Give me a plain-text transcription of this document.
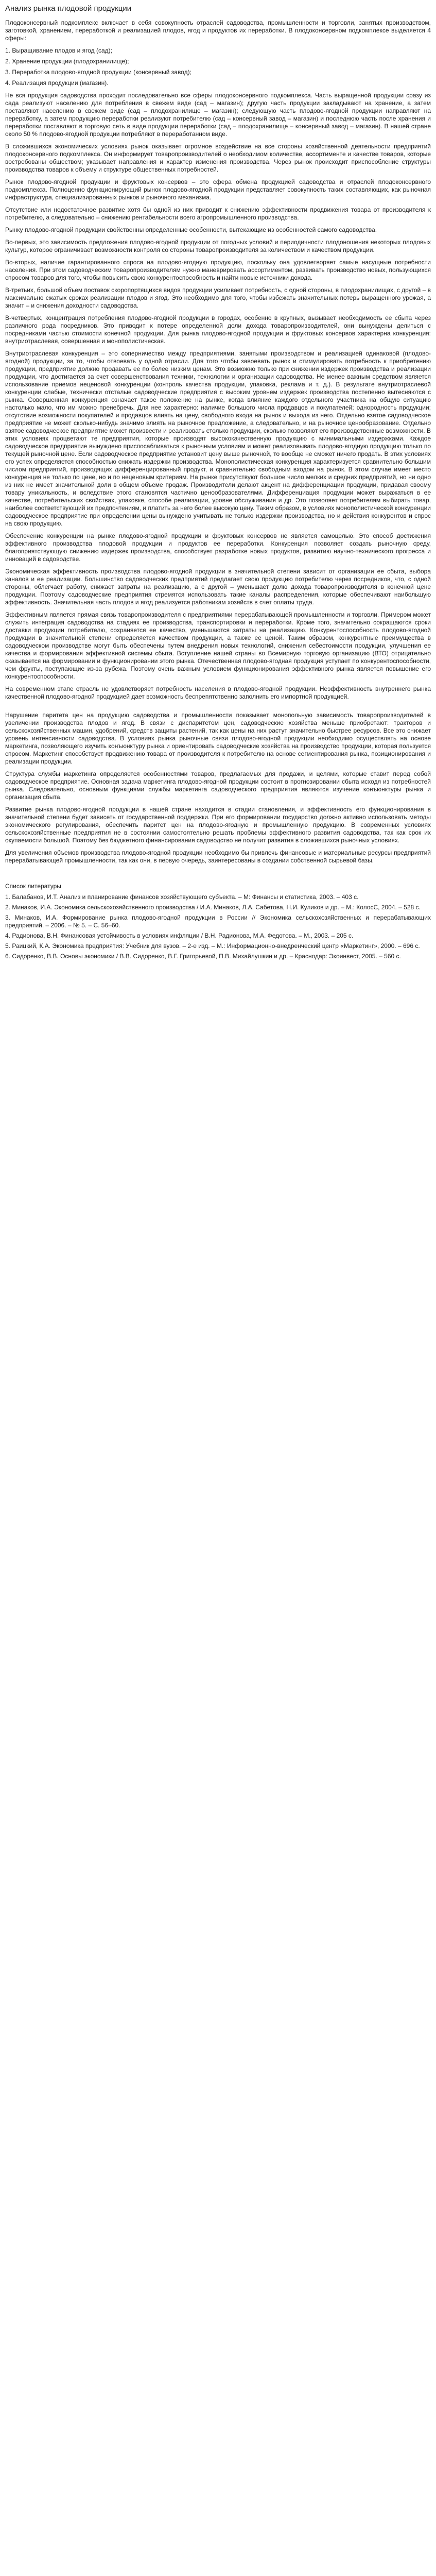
Анализ рынка плодовой продукции

Плодоконсервный подкомплекс включает в себя совокупность отраслей садоводства, промышленности и торговли, занятых производством, заготовкой, хранением, переработкой и реализацией плодов, ягод и продуктов их переработки. В плодоконсервном подкомплексе выделяется 4 сферы:

1. Выращивание плодов и ягод (сад);
2. Хранение продукции (плодохранилище);
3. Переработка плодово-ягодной продукции (консервный завод);
4. Реализация продукции (магазин).

Не вся продукция садоводства проходит последовательно все сферы плодоконсервного подкомплекса. Часть выращенной продукции сразу из сада реализуют населению для потребления в свежем виде (сад – магазин); другую часть продукции закладывают на хранение, а затем поставляют населению в свежем виде (сад – плодохранилище – магазин); следующую часть плодово-ягодной продукции направляют на переработку, а затем продукцию переработки реализуют потребителю (сад – консервный завод – магазин) и последнюю часть после хранения и переработки поставляют в торговую сеть в виде продукции переработки (сад – плодохранилище – консервный завод – магазин). В нашей стране около 50 % плодово-ягодной продукции потребляют в переработанном виде.

В сложившихся экономических условиях рынок оказывает огромное воздействие на все стороны хозяйственной деятельности предприятий плодоконсервного подкомплекса. Он информирует товаропроизводителей о необходимом количестве, ассортименте и качестве товаров, которые востребованы обществом; указывает направления и характер изменения производства. Через рынок происходит приспособление структуры производства товаров к объему и структуре общественных потребностей.

Рынок плодово-ягодной продукции и фруктовых консервов – это сфера обмена продукцией садоводства и отраслей плодоконсервного подкомплекса. Полноценно функционирующий рынок плодово-ягодной продукции представляет совокупность таких составляющих, как рыночная инфраструктура, специализированных рынков и рыночного механизма.

Отсутствие или недостаточное развитие хотя бы одной из них приводит к снижению эффективности продвижения товара от производителя к потребителю, а следовательно – снижению рентабельности всего агропромышленного производства.

Рынку плодово-ягодной продукции свойственны определенные особенности, вытекающие из особенностей самого садоводства.

Во-первых, это зависимость предложения плодово-ягодной продукции от погодных условий и периодичности плодоношения некоторых плодовых культур, которое ограничивает возможности контроля со стороны товаропроизводителя за количеством и качеством продукции.

Во-вторых, наличие гарантированного спроса на плодово-ягодную продукцию, поскольку она удовлетворяет самые насущные потребности населения. При этом садоводческим товаропроизводителям нужно маневрировать ассортиментом, развивать производство новых, пользующихся спросом товаров для того, чтобы повысить свою конкурентоспособность и найти новые источники дохода.

В-третьих, большой объем поставок скоропортящихся видов продукции усиливает потребность, с одной стороны, в плодохранилищах, с другой – в максимально сжатых сроках реализации плодов и ягод. Это необходимо для того, чтобы избежать значительных потерь выращенного урожая, а значит – и снижения доходности садоводства.

В-четвертых, концентрация потребления плодово-ягодной продукции в городах, особенно в крупных, вызывает необходимость ее сбыта через различного рода посредников. Это приводит к потере определенной доли дохода товаропроизводителей, они вынуждены делиться с посредниками частью стоимости конечной продукции. Для рынка плодово-ягодной продукции и фруктовых консервов характерна конкуренция: внутриотраслевая, совершенная и монополистическая.

Внутриотраслевая конкуренция – это соперничество между предприятиями, занятыми производством и реализацией одинаковой (плодово-ягодной) продукции, за то, чтобы отвоевать у одной отрасли. Для того чтобы завоевать рынок и стимулировать потребность к приобретению продукции, предприятие должно продавать ее по более низким ценам. Это возможно только при снижении издержек производства и реализации продукции, что достигается за счет совершенствования техники, технологии и организации садоводства. Не менее важным средством является использование приемов неценовой конкуренции (контроль качества продукции, упаковка, реклама и т. д.). В результате внутриотраслевой конкуренции слабые, технически отсталые садоводческие предприятия с высоким уровнем издержек производства постепенно вытесняются с рынка. Совершенная конкуренция означает такое положение на рынке, когда влияние каждого отдельного участника на общую ситуацию настолько мало, что им можно пренебречь. Для нее характерно: наличие большого числа продавцов и покупателей; однородность продукции; отсутствие возможности покупателей и продавцов влиять на цену, свободного входа на рынок и выхода из него. Отдельно взятое садоводческое предприятие не может сколько-нибудь значимо влиять на рыночное предложение, а следовательно, и на рыночное ценообразование. Отдельно взятое садоводческое предприятие может произвести и реализовать столько продукции, сколько позволяют его производственные возможности. В этих условиях процветают те предприятия, которые производят высококачественную продукцию с минимальными издержками. Каждое садоводческое предприятие вынуждено приспосабливаться к рыночным условиям и может реализовывать плодово-ягодную продукцию только по текущей рыночной цене. Если садоводческое предприятие установит цену выше рыночной, то вообще не сможет ничего продать. В этих условиях его успех определяется способностью снижать издержки производства. Монополистическая конкуренция характеризуется сравнительно большим числом предприятий, производящих дифференцированный продукт, и сравнительно свободным входом на рынок. В этом случае имеет место конкуренция не только по цене, но и по неценовым критериям. На рынке присутствуют большое число мелких и средних предприятий, но ни одно из них не имеет значительной доли в общем объеме продаж. Производители делают акцент на дифференциации продукции, придавая своему товару уникальность, и вследствие этого становятся частично ценообразователями. Дифференциация продукции может выражаться в ее качестве, потребительских свойствах, упаковке, способе реализации, уровне обслуживания и др. Это позволяет потребителям выбирать товар, наиболее соответствующий их предпочтениям, и платить за него более высокую цену. Таким образом, в условиях монополистической конкуренции садоводческое предприятие при определении цены вынуждено учитывать не только издержки производства, но и действия конкурентов и спрос на свою продукцию.

Обеспечение конкуренции на рынке плодово-ягодной продукции и фруктовых консервов не является самоцелью. Это способ достижения эффективного производства плодовой продукции и продуктов ее переработки. Конкуренция позволяет создать рыночную среду, благоприятствующую снижению издержек производства, способствует разработке новых продуктов, развитию научно-технического прогресса и инноваций в садоводстве.

Экономическая эффективность производства плодово-ягодной продукции в значительной степени зависит от организации ее сбыта, выбора каналов и ее реализации. Большинство садоводческих предприятий предлагает свою продукцию потребителю через посредников, что, с одной стороны, облегчает работу, снижает затраты на реализацию, а с другой – уменьшает долю дохода товаропроизводителя в конечной цене продукции. Поэтому садоводческие предприятия стремятся использовать такие каналы распределения, которые обеспечивают наибольшую эффективность. Значительная часть плодов и ягод реализуется работникам хозяйств в счет оплаты труда.

Эффективным является прямая связь товаропроизводителя с предприятиями перерабатывающей промышленности и торговли. Примером может служить интеграция садоводства на стадиях ее производства, транспортировки и переработки. Кроме того, значительно сокращаются сроки доставки продукции потребителю, сохраняется ее качество, уменьшаются затраты на реализацию. Конкурентоспособность плодово-ягодной продукции в значительной степени определяется качеством продукции, а также ее ценой. Таким образом, конкурентные преимущества в садоводческом производстве могут быть обеспечены путем внедрения новых технологий, снижения себестоимости продукции, улучшения ее качества и формирования эффективной системы сбыта. Вступление нашей страны во Всемирную торговую организацию (ВТО) отрицательно сказывается на формировании и функционировании этого рынка. Отечественная плодово-ягодная продукция уступает по конкурентоспособности, чем фрукты, поступающие из-за рубежа. Поэтому очень важным условием функционирования эффективного рынка является повышение его конкурентоспособности.

На современном этапе отрасль не удовлетворяет потребность населения в плодово-ягодной продукции. Неэффективность внутреннего рынка качественной плодово-ягодной продукцией дает возможность беспрепятственно заполнить его импортной продукцией.

Нарушение паритета цен на продукцию садоводства и промышленности показывает монопольную зависимость товаропроизводителей в увеличении производства плодов и ягод. В связи с диспаритетом цен, садоводческие хозяйства меньше приобретают: тракторов и сельскохозяйственных машин, удобрений, средств защиты растений, так как цены на них растут значительно быстрее ресурсов. Все это снижает уровень интенсивности садоводства. В условиях рынка рыночные связи плодово-ягодной продукции необходимо осуществлять на основе маркетинга, позволяющего изучить конъюнктуру рынка и ориентировать садоводческие хозяйства на производство продукции, которая пользуется спросом. Маркетинг способствует продвижению товара от производителя к потребителю на основе сегментирования рынка, позиционирования и реализации продукции.

Структура службы маркетинга определяется особенностями товаров, предлагаемых для продажи, и целями, которые ставит перед собой садоводческое предприятие. Основная задача маркетинга плодово-ягодной продукции состоит в прогнозировании сбыта исходя из потребностей рынка. Следовательно, основным функциями службы маркетинга садоводческого предприятия являются изучение конъюнктуры рынка и организация сбыта.

Развитие рынка плодово-ягодной продукции в нашей стране находится в стадии становления, и эффективность его функционирования в значительной степени будет зависеть от государственной поддержки. При его формировании государство должно активно использовать методы экономического регулирования, обеспечить паритет цен на плодово-ягодную и промышленную продукцию. В современных условиях сельскохозяйственные предприятия не в состоянии самостоятельно решать проблемы эффективного развития садоводства, так как срок их окупаемости большой. Поэтому без бюджетного финансирования садоводство не получит развития в сложившихся рыночных условиях.

Для увеличения объемов производства плодово-ягодной продукции необходимо бы привлечь финансовые и материальные ресурсы предприятий перерабатывающей промышленности, так как они, в первую очередь, заинтересованы в создании собственной сырьевой базы.

Список литературы
1. Балабанов, И.Т. Анализ и планирование финансов хозяйствующего субъекта. – М: Финансы и статистика, 2003. – 403 с.
2. Минаков, И.А. Экономика сельскохозяйственного производства / И.А. Минаков, Л.А. Сабетова, Н.И. Куликов и др. – М.: КолосС, 2004. – 528 с.
3. Минаков, И.А. Формирование рынка плодово-ягодной продукции в России // Экономика сельскохозяйственных и перерабатывающих предприятий. – 2006. – № 5. – С. 56–60.
4. Радионова, В.Н. Финансовая устойчивость в условиях инфляции / В.Н. Радионова, М.А. Федотова. – М., 2003. – 205 с.
5. Раицкий, К.А. Экономика предприятия: Учебник для вузов. – 2-е изд. – М.: Информационно-внедренческий центр «Маркетинг», 2000. – 696 с.
6. Сидоренко, В.В. Основы экономики / В.В. Сидоренко, В.Г. Григорьевой, П.В. Михайлушкин и др. – Краснодар: Экоинвест, 2005. – 560 с.
